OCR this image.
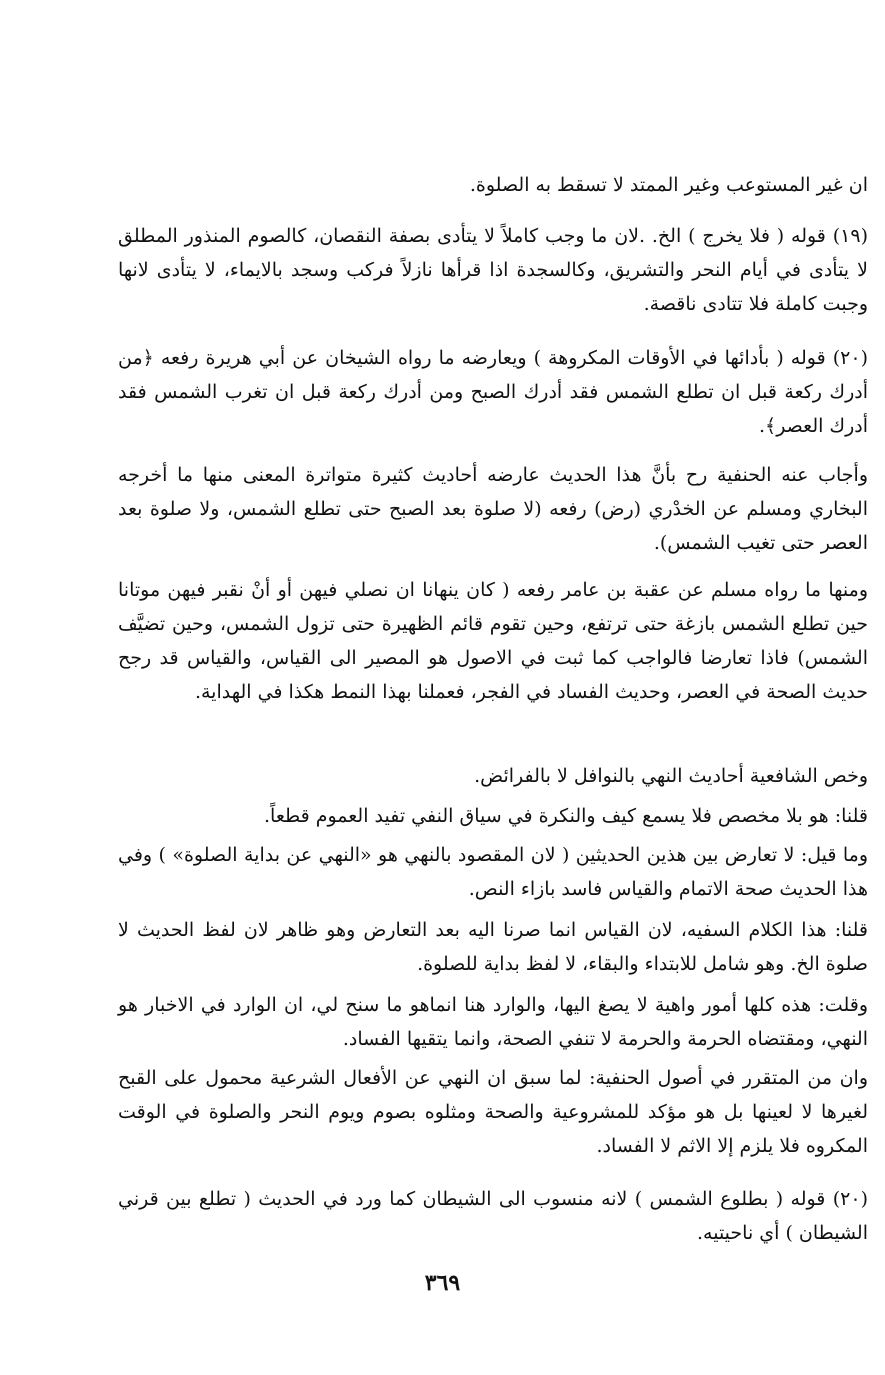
ان غير المستوعب وغير الممتد لا تسقط به الصلوة.
(١٩) قوله ( فلا يخرج ) الخ. .لان ما وجب كاملاً لا يتأدى بصفة النقصان، كالصوم المنذور المطلق لا يتأدى في أيام النحر والتشريق، وكالسجدة اذا قرأها نازلاً فركب وسجد بالايماء، لا يتأدى لانها وجبت كاملة فلا تتادى ناقصة.
(٢٠) قوله ( بأدائها في الأوقات المكروهة ) ويعارضه ما رواه الشيخان عن أبي هريرة رفعه ﴿من أدرك ركعة قبل ان تطلع الشمس فقد أدرك الصبح ومن أدرك ركعة قبل ان تغرب الشمس فقد أدرك العصر﴾.
وأجاب عنه الحنفية رح بأنَّ هذا الحديث عارضه أحاديث كثيرة متواترة المعنى منها ما أخرجه البخاري ومسلم عن الخدْري (رض) رفعه (لا صلوة بعد الصبح حتى تطلع الشمس، ولا صلوة بعد العصر حتى تغيب الشمس).
ومنها ما رواه مسلم عن عقبة بن عامر رفعه ( كان ينهانا ان نصلي فيهن أو أنْ نقبر فيهن موتانا حين تطلع الشمس بازغة حتى ترتفع، وحين تقوم قائم الظهيرة حتى تزول الشمس، وحين تضيَّف الشمس) فاذا تعارضا فالواجب كما ثبت في الاصول هو المصير الى القياس، والقياس قد رجح حديث الصحة في العصر، وحديث الفساد في الفجر، فعملنا بهذا النمط هكذا في الهداية.
وخص الشافعية أحاديث النهي بالنوافل لا بالفرائض.
قلنا: هو بلا مخصص فلا يسمع كيف والنكرة في سياق النفي تفيد العموم قطعاً.
وما قيل: لا تعارض بين هذين الحديثين ( لان المقصود بالنهي هو «النهي عن بداية الصلوة» ) وفي هذا الحديث صحة الاتمام والقياس فاسد بازاء النص.
قلنا: هذا الكلام السفيه، لان القياس انما صرنا اليه بعد التعارض وهو ظاهر لان لفظ الحديث لا صلوة الخ. وهو شامل للابتداء والبقاء، لا لفظ بداية للصلوة.
وقلت: هذه كلها أمور واهية لا يصغ اليها، والوارد هنا انماهو ما سنح لي، ان الوارد في الاخبار هو النهي، ومقتضاه الحرمة والحرمة لا تنفي الصحة، وانما يتقيها الفساد.
وان من المتقرر في أصول الحنفية: لما سبق ان النهي عن الأفعال الشرعية محمول على القبح لغيرها لا لعينها بل هو مؤكد للمشروعية والصحة ومثلوه بصوم ويوم النحر والصلوة في الوقت المكروه فلا يلزم إلا الاثم لا الفساد.
(٢٠) قوله ( بطلوع الشمس ) لانه منسوب الى الشيطان كما ورد في الحديث ( تطلع بين قرني الشيطان ) أي ناحيتيه.
٣٦٩
